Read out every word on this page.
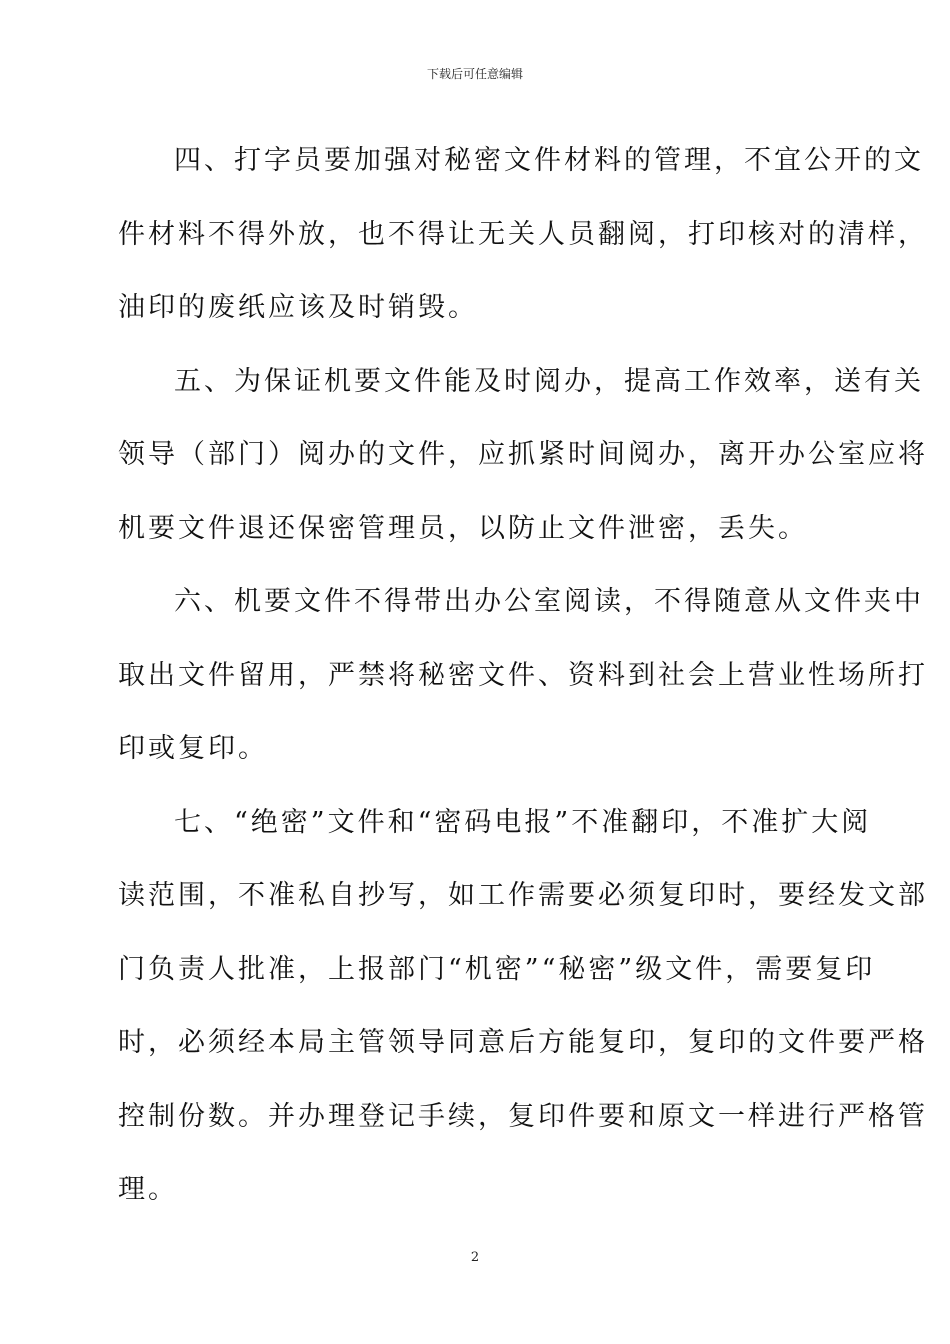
下载后可任意编辑

四、打字员要加强对秘密文件材料的管理，不宜公开的文
件材料不得外放，也不得让无关人员翻阅，打印核对的清样，
油印的废纸应该及时销毁。

五、为保证机要文件能及时阅办，提高工作效率，送有关
领导（部门）阅办的文件，应抓紧时间阅办，离开办公室应将
机要文件退还保密管理员，以防止文件泄密，丢失。

六、机要文件不得带出办公室阅读，不得随意从文件夹中
取出文件留用，严禁将秘密文件、资料到社会上营业性场所打
印或复印。

七、“绝密”文件和“密码电报”不准翻印，不准扩大阅
读范围，不准私自抄写，如工作需要必须复印时，要经发文部
门负责人批准，上报部门“机密”“秘密”级文件，需要复印
时，必须经本局主管领导同意后方能复印，复印的文件要严格
控制份数。并办理登记手续，复印件要和原文一样进行严格管
理。

2
